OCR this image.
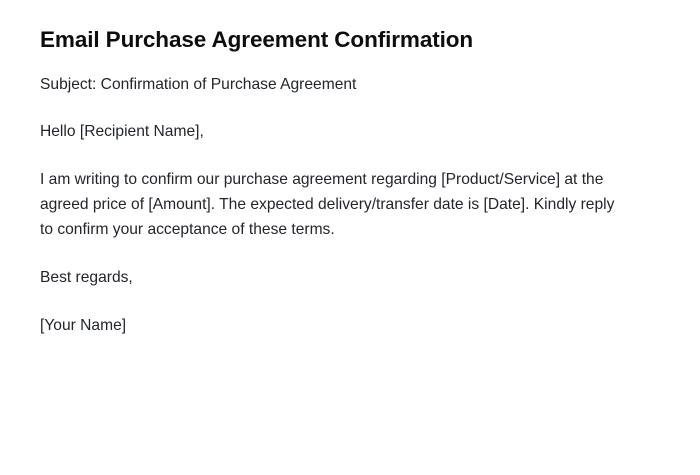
Email Purchase Agreement Confirmation

Subject: Confirmation of Purchase Agreement

Hello [Recipient Name],

I am writing to confirm our purchase agreement regarding [Product/Service] at the agreed price of [Amount]. The expected delivery/transfer date is [Date]. Kindly reply to confirm your acceptance of these terms.

Best regards,

[Your Name]
